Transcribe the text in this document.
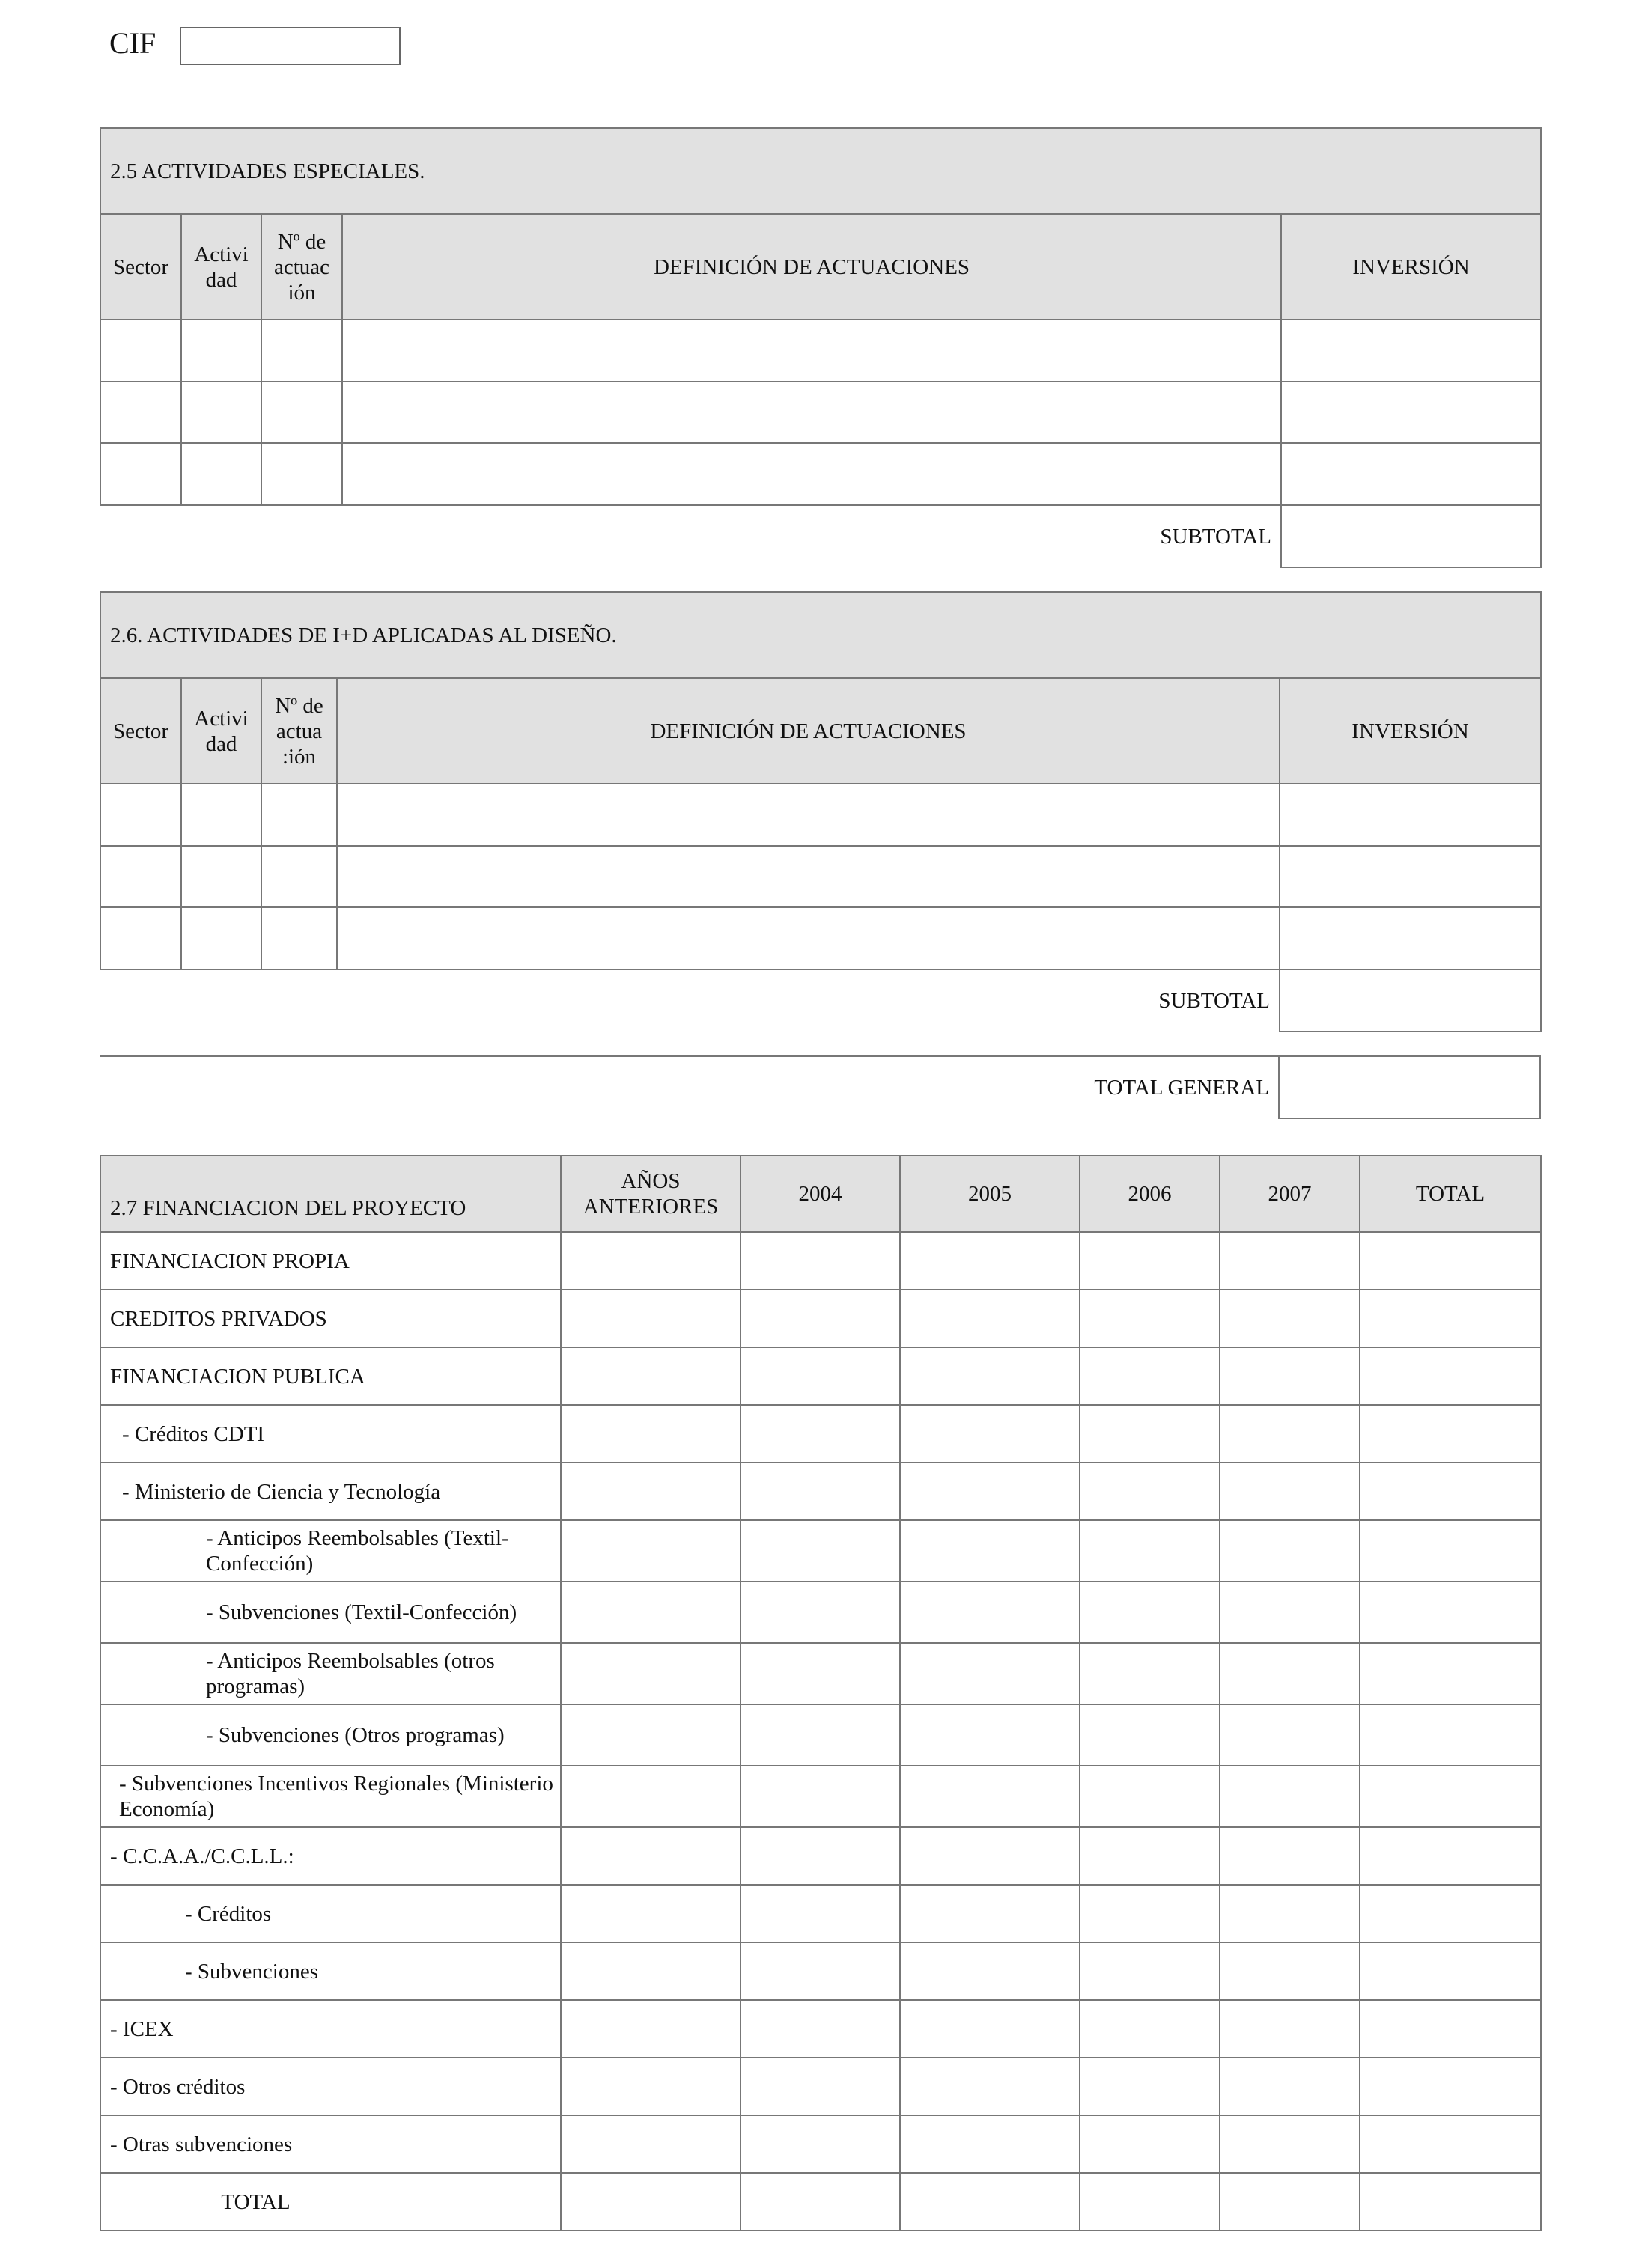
CIF
2.5 ACTIVIDADES ESPECIALES.				
Sector	Activi dad	Nº de actuac ión	DEFINICIÓN DE ACTUACIONES	INVERSIÓN

SUBTOTAL				
2.6. ACTIVIDADES DE I+D APLICADAS AL DISEÑO.				
Sector	Activi dad	Nº de actua :ión	DEFINICIÓN DE ACTUACIONES	INVERSIÓN

SUBTOTAL				
TOTAL GENERAL	
2.7 FINANCIACION DEL PROYECTO	AÑOS ANTERIORES	2004	2005	2006	2007	TOTAL
FINANCIACION PROPIA						
CREDITOS PRIVADOS						
FINANCIACION PUBLICA						
- Créditos CDTI						
- Ministerio de Ciencia y Tecnología						
- Anticipos Reembolsables (Textil-Confección)						
- Subvenciones (Textil-Confección)						
- Anticipos Reembolsables (otros programas)						
- Subvenciones (Otros programas)						
- Subvenciones Incentivos Regionales (Ministerio Economía)						
- C.C.A.A./C.C.L.L.:						
- Créditos						
- Subvenciones						
- ICEX						
- Otros créditos						
- Otras subvenciones						
TOTAL						
